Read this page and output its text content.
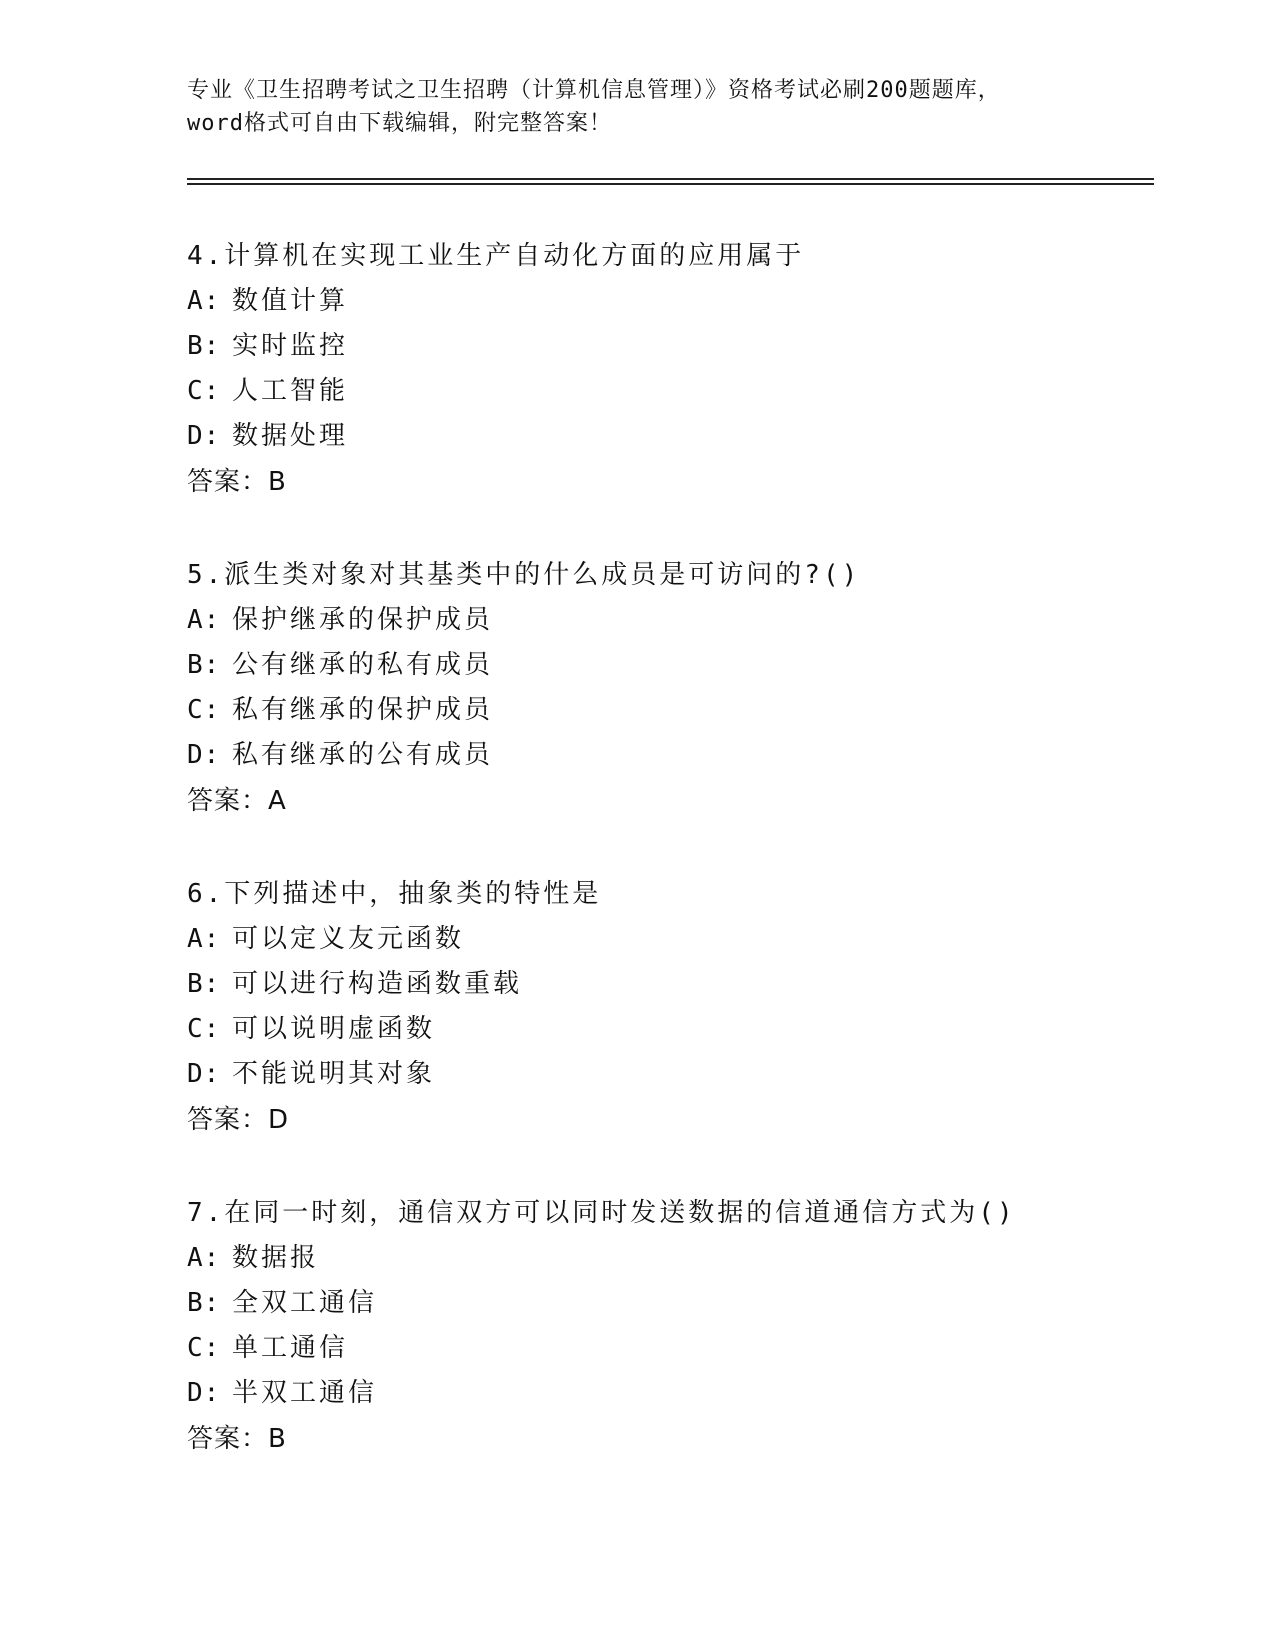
专业《卫生招聘考试之卫生招聘（计算机信息管理）》资格考试必刷200题题库，
word格式可自由下载编辑，附完整答案！
4.计算机在实现工业生产自动化方面的应用属于
A: 数值计算
B: 实时监控
C: 人工智能
D: 数据处理
答案：B
5.派生类对象对其基类中的什么成员是可访问的?()
A: 保护继承的保护成员
B: 公有继承的私有成员
C: 私有继承的保护成员
D: 私有继承的公有成员
答案：A
6.下列描述中，抽象类的特性是
A: 可以定义友元函数
B: 可以进行构造函数重载
C: 可以说明虚函数
D: 不能说明其对象
答案：D
7.在同一时刻，通信双方可以同时发送数据的信道通信方式为()
A: 数据报
B: 全双工通信
C: 单工通信
D: 半双工通信
答案：B
